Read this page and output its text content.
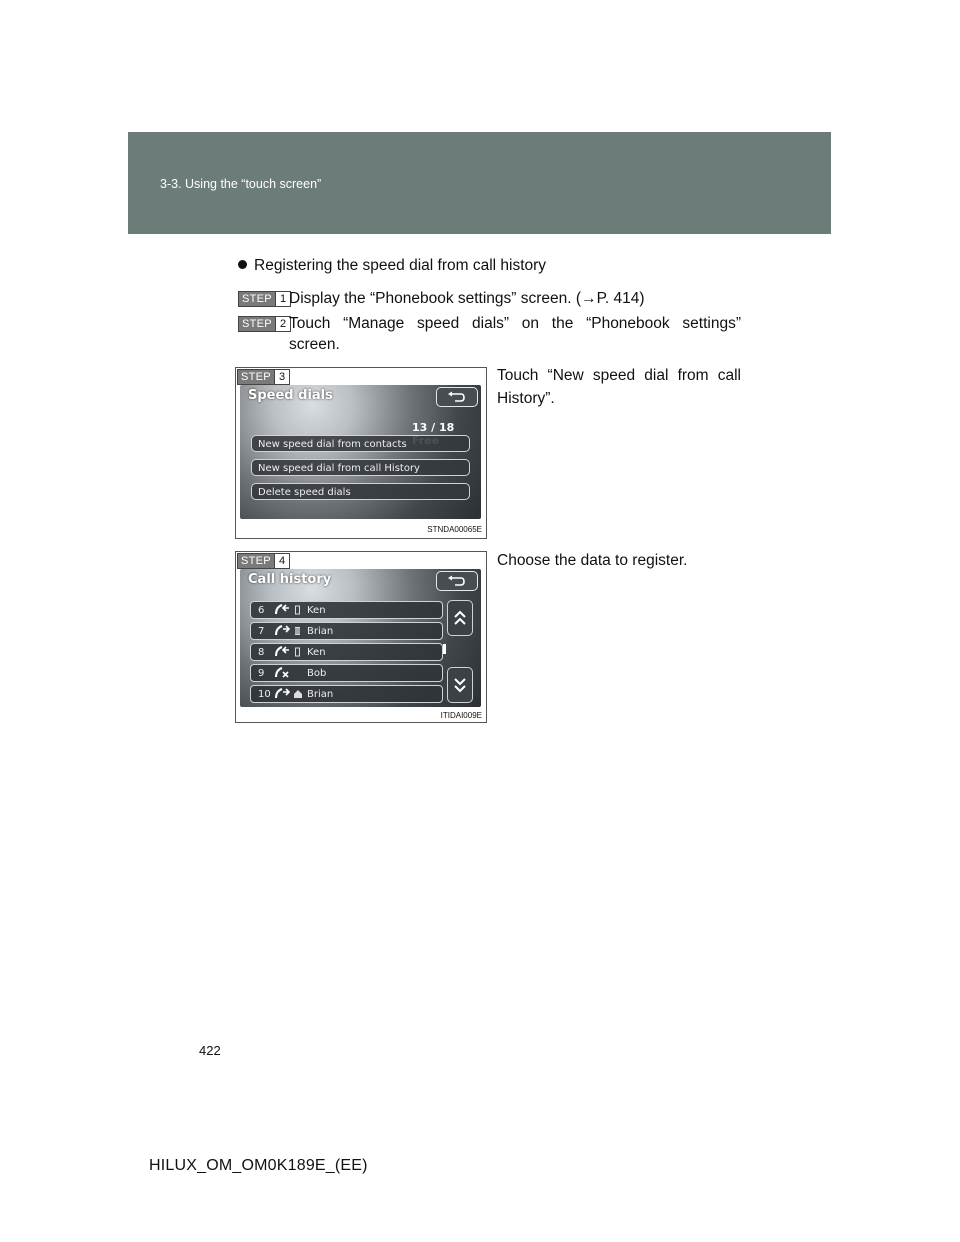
3-3. Using the “touch screen”
Registering the speed dial from call history
STEP 1 Display the “Phonebook settings” screen. (→P. 414)
STEP 2 Touch “Manage speed dials” on the “Phonebook settings”
screen.
STEP 3
Speed dials
13 / 18
New speed dial from contacts
New speed dial from call History
Delete speed dials
STNDA00065E
Touch “New speed dial from call
History”.
STEP 4
Call history
6	Ken
7	Brian
8	Ken
9	Bob
10	Brian
ITIDAI009E
Choose the data to register.
422
HILUX_OM_OM0K189E_(EE)
